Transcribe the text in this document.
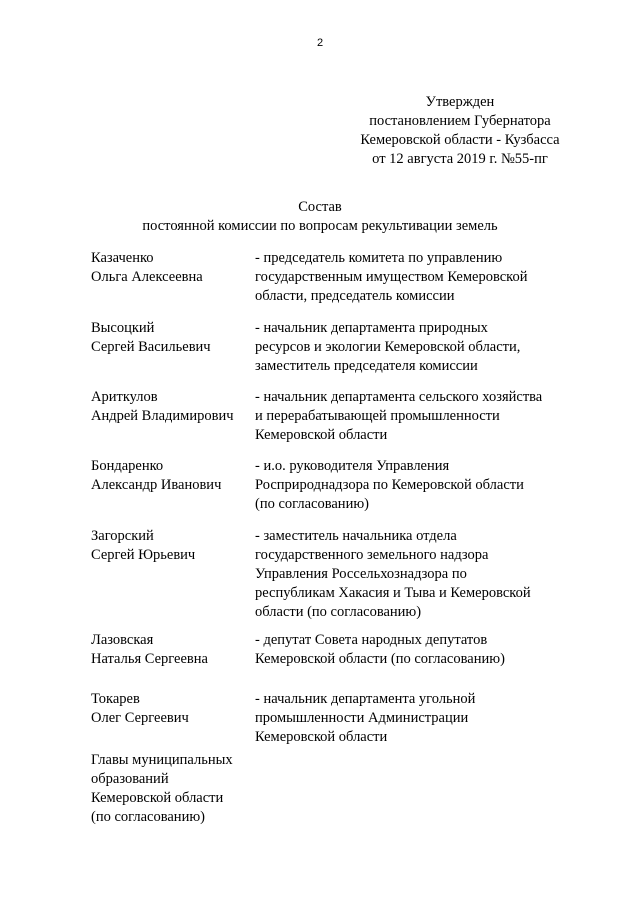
2
Утвержден
постановлением Губернатора
Кемеровской области - Кузбасса
от 12 августа 2019 г. №55-пг
Состав
постоянной комиссии по вопросам рекультивации земель
Казаченко
Ольга Алексеевна
- председатель комитета по управлению
государственным имуществом Кемеровской
области, председатель комиссии
Высоцкий
Сергей Васильевич
- начальник департамента природных
ресурсов и экологии Кемеровской области,
заместитель председателя комиссии
Ариткулов
Андрей Владимирович
- начальник департамента сельского хозяйства
и перерабатывающей промышленности
Кемеровской области
Бондаренко
Александр Иванович
- и.о. руководителя Управления
Росприроднадзора по Кемеровской области
(по согласованию)
Загорский
Сергей Юрьевич
- заместитель начальника отдела
государственного земельного надзора
Управления Россельхознадзора по
республикам Хакасия и Тыва и Кемеровской
области (по согласованию)
Лазовская
Наталья Сергеевна
- депутат Совета народных депутатов
Кемеровской области (по согласованию)
Токарев
Олег Сергеевич
- начальник департамента угольной
промышленности Администрации
Кемеровской области
Главы муниципальных
образований
Кемеровской области
(по согласованию)
